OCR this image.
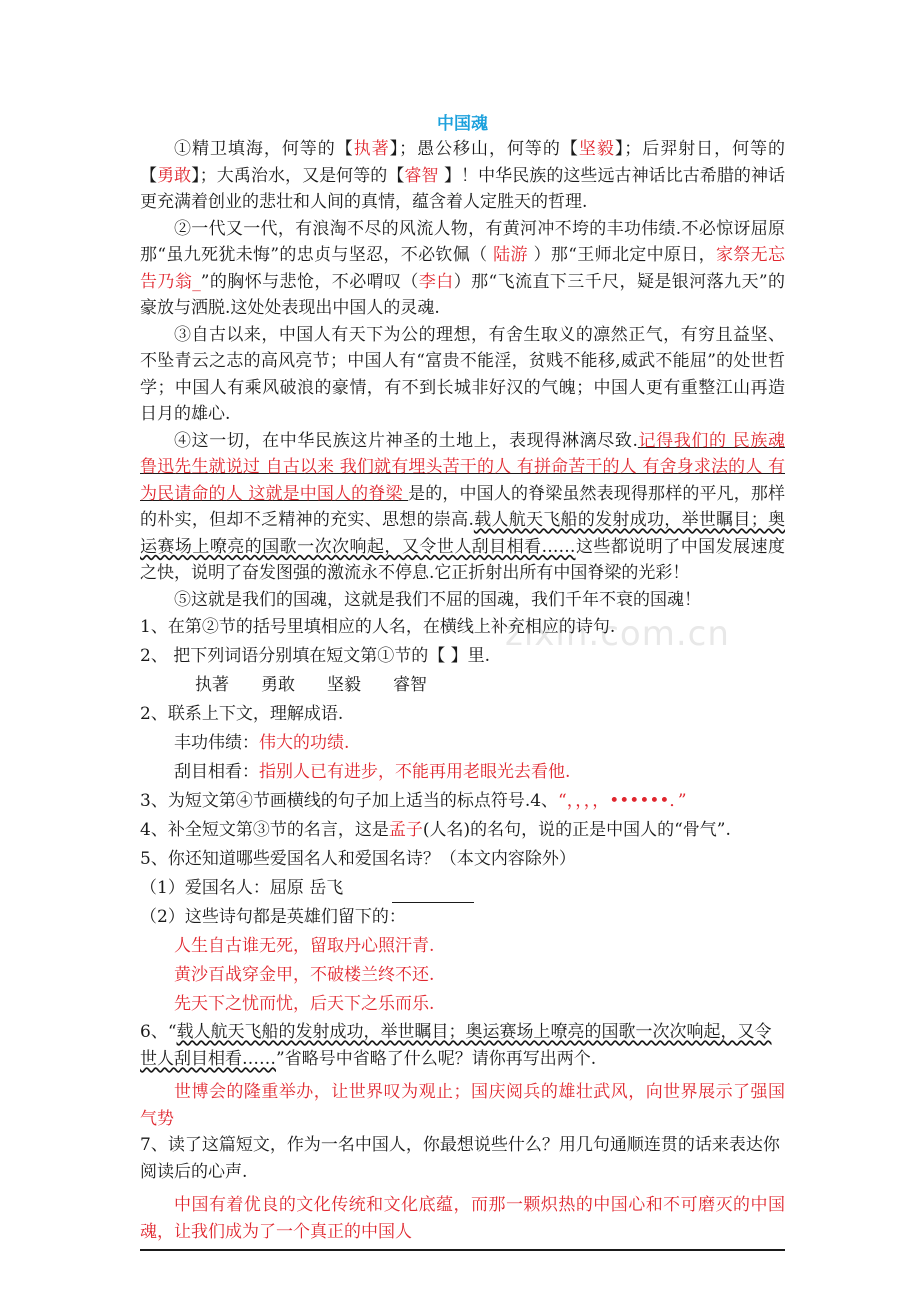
zixin.com.cn
中国魂

①精卫填海，何等的【执著】；愚公移山，何等的【坚毅】；后羿射日，何等的【勇敢】；大禹治水，又是何等的【睿智 】！中华民族的这些远古神话比古希腊的神话更充满着创业的悲壮和人间的真情，蕴含着人定胜天的哲理.

②一代又一代，有浪淘不尽的风流人物，有黄河冲不垮的丰功伟绩.不必惊讶屈原那“虽九死犹未悔”的忠贞与坚忍，不必钦佩（ 陆游 ）那“王师北定中原日，家祭无忘告乃翁_”的胸怀与悲怆，不必喟叹（李白）那“飞流直下三千尺，疑是银河落九天”的豪放与洒脱.这处处表现出中国人的灵魂.

③自古以来，中国人有天下为公的理想，有舍生取义的凛然正气，有穷且益坚、不坠青云之志的高风亮节；中国人有“富贵不能淫，贫贱不能移,威武不能屈”的处世哲学；中国人有乘风破浪的豪情，有不到长城非好汉的气魄；中国人更有重整江山再造日月的雄心.

④这一切，在中华民族这片神圣的土地上，表现得淋漓尽致.记得我们的 民族魂 鲁迅先生就说过 自古以来 我们就有埋头苦干的人 有拼命苦干的人 有舍身求法的人 有为民请命的人 这就是中国人的脊梁 是的，中国人的脊梁虽然表现得那样的平凡，那样的朴实，但却不乏精神的充实、思想的崇高.载人航天飞船的发射成功，举世瞩目；奥运赛场上嘹亮的国歌一次次响起，又令世人刮目相看……这些都说明了中国发展速度之快，说明了奋发图强的激流永不停息.它正折射出所有中国脊梁的光彩！

⑤这就是我们的国魂，这就是我们不屈的国魂，我们千年不衰的国魂！

1、在第②节的括号里填相应的人名，在横线上补充相应的诗句.

2、 把下列词语分别填在短文第①节的【 】里.

执著 勇敢 坚毅 睿智

2、联系上下文，理解成语.

丰功伟绩：伟大的功绩.

刮目相看：指别人已有进步，不能再用老眼光去看他.

3、为短文第④节画横线的句子加上适当的标点符号.4、“，，，，••••••．”

4、补全短文第③节的名言，这是孟子(人名)的名句，说的正是中国人的“骨气”.

5、你还知道哪些爱国名人和爱国名诗？（本文内容除外）

（1）爱国名人：屈原 岳飞

（2）这些诗句都是英雄们留下的：

人生自古谁无死，留取丹心照汗青.

黄沙百战穿金甲，不破楼兰终不还.

先天下之忧而忧，后天下之乐而乐.

6、“载人航天飞船的发射成功，举世瞩目；奥运赛场上嘹亮的国歌一次次响起，又令世人刮目相看……”省略号中省略了什么呢？请你再写出两个.

世博会的隆重举办，让世界叹为观止；国庆阅兵的雄壮武风，向世界展示了强国气势

7、读了这篇短文，作为一名中国人，你最想说些什么？用几句通顺连贯的话来表达你阅读后的心声.

中国有着优良的文化传统和文化底蕴，而那一颗炽热的中国心和不可磨灭的中国魂，让我们成为了一个真正的中国人
